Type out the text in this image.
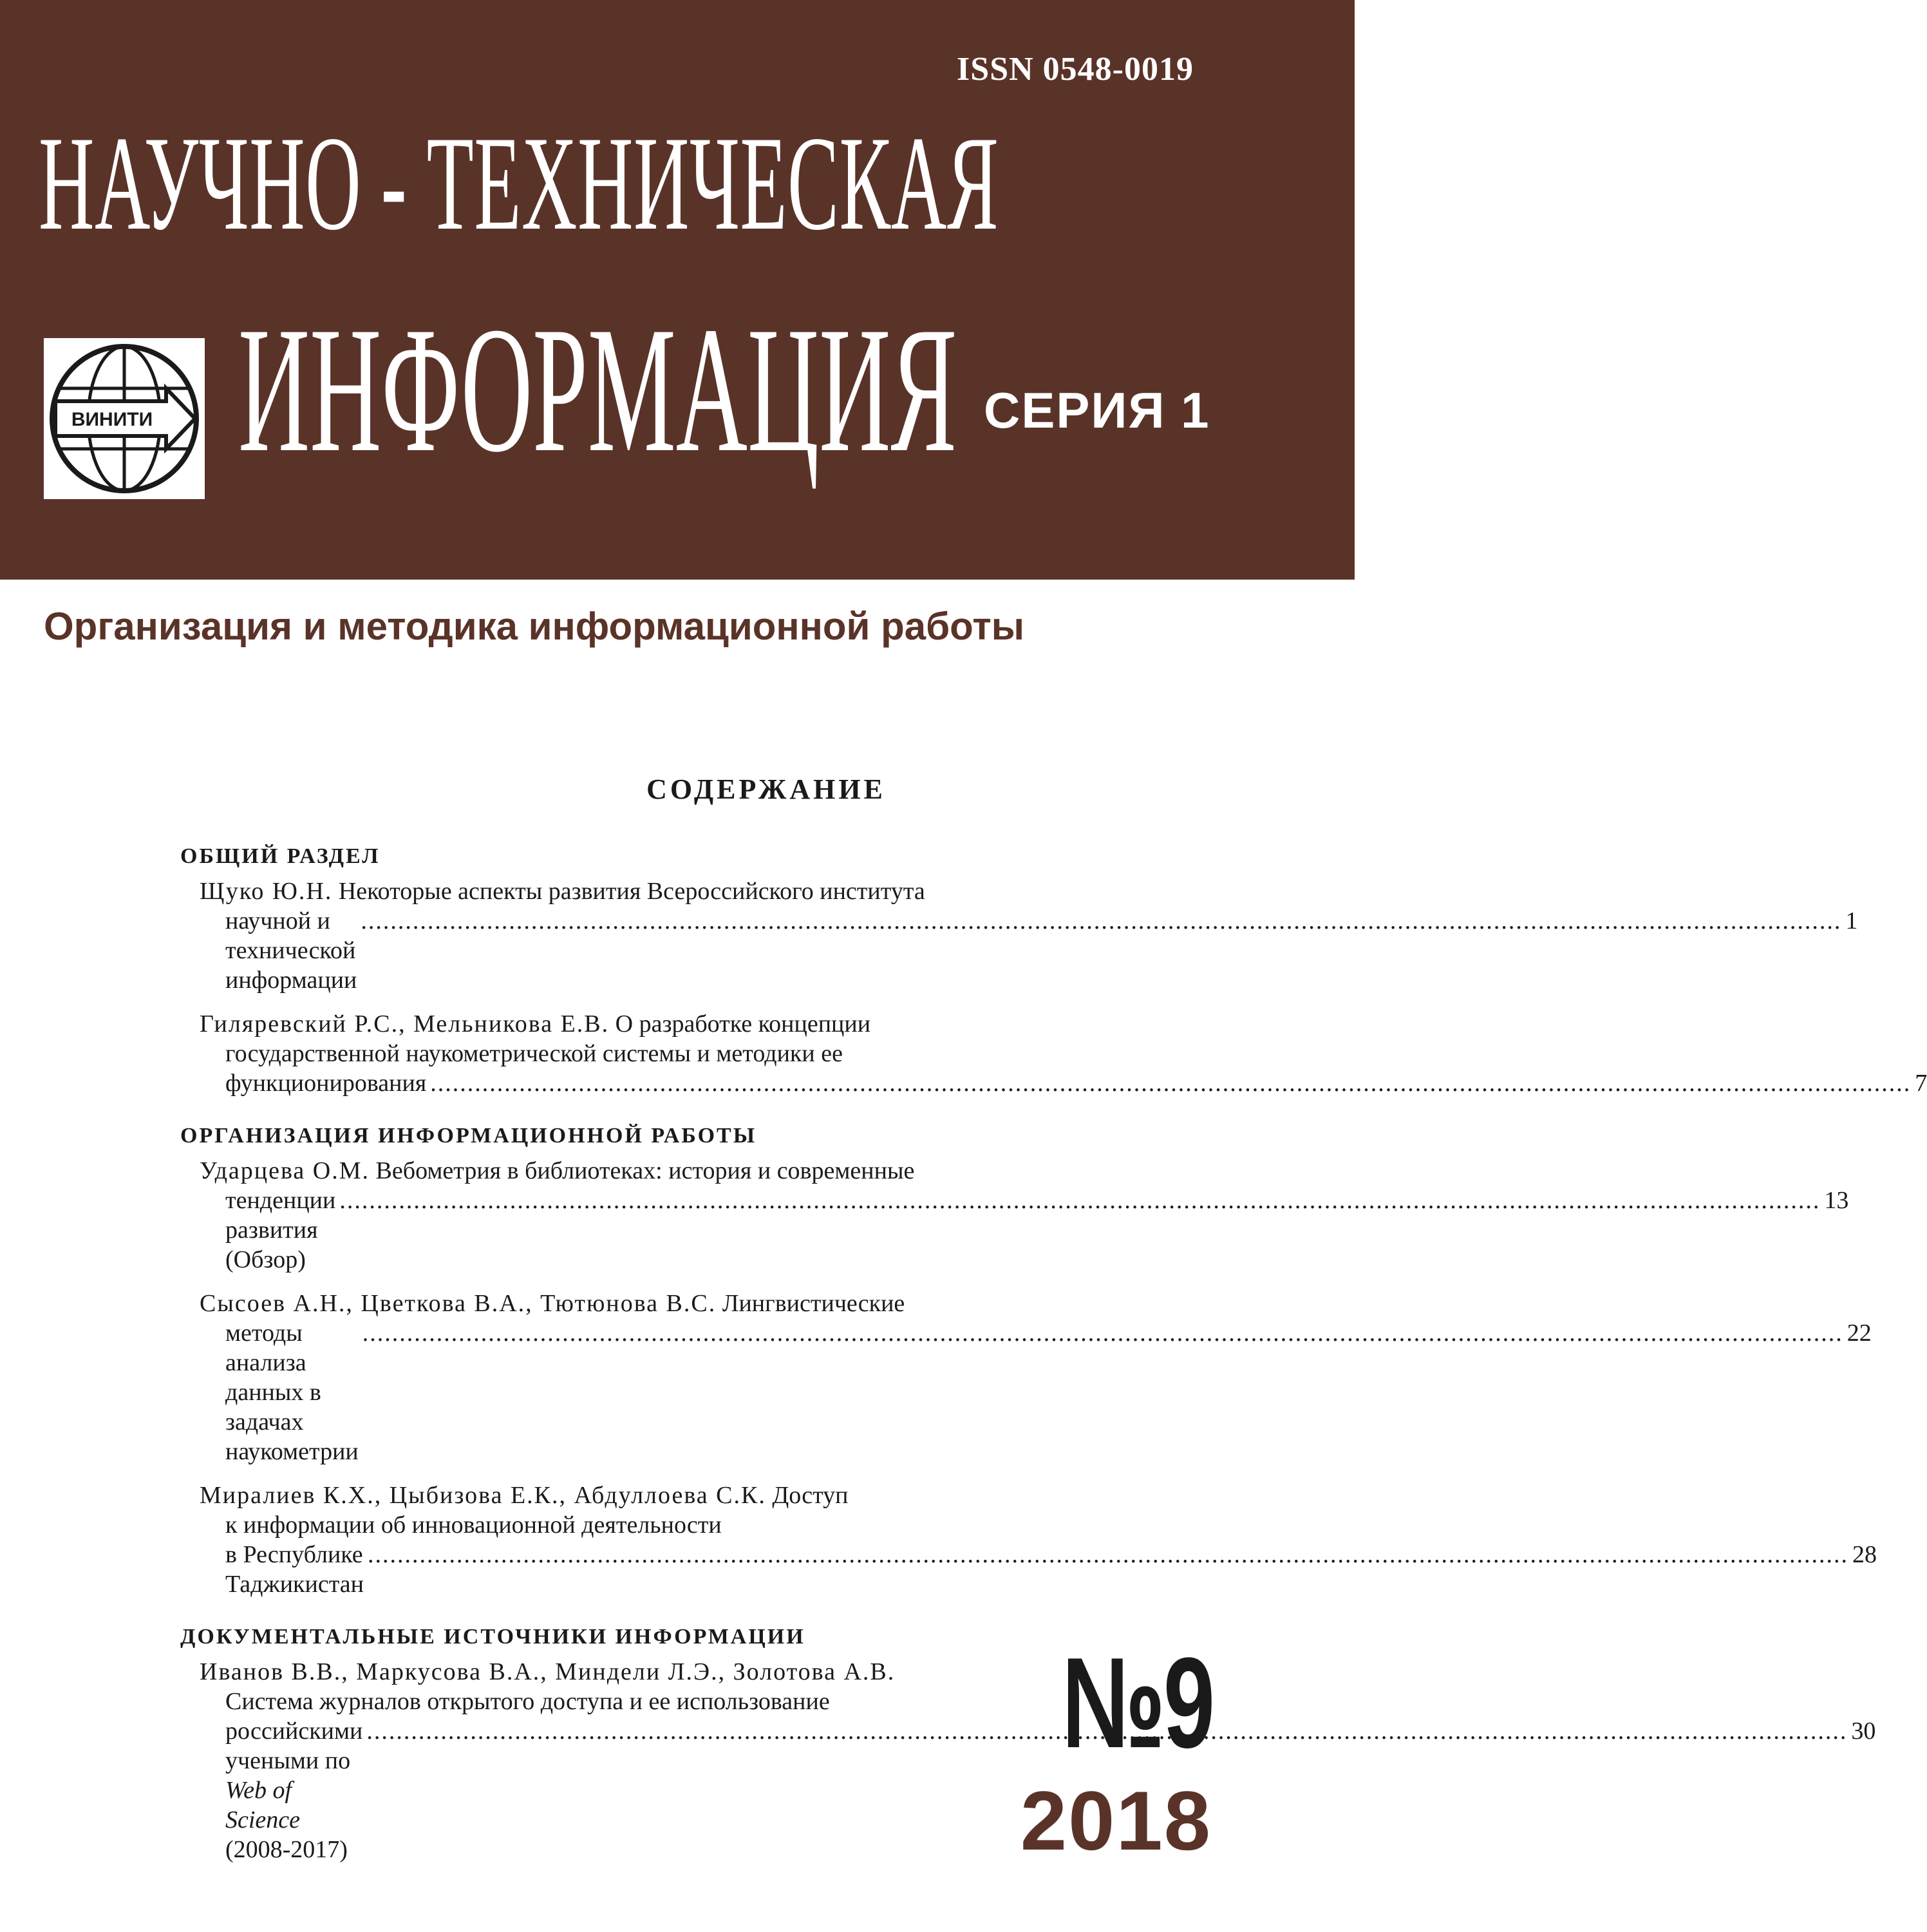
ISSN 0548-0019
НАУЧНО - ТЕХНИЧЕСКАЯ
ВИНИТИ ИНФОРМАЦИЯ СЕРИЯ 1
Организация и методика информационной работы
СОДЕРЖАНИЕ
ОБЩИЙ РАЗДЕЛ
Щуко Ю.Н. Некоторые аспекты развития Всероссийского института
научной и технической информации
........................................................................................................................................................................................................ 1
Гиляревский Р.С., Мельникова Е.В. О разработке концепции
государственной наукометрической системы и методики ее
функционирования ........................................................................................................................................................................................................ 7
ОРГАНИЗАЦИЯ ИНФОРМАЦИОННОЙ РАБОТЫ
Ударцева О.М. Вебометрия в библиотеках: история и современные
тенденции развития (Обзор)
........................................................................................................................................................................................................ 13
Сысоев А.Н., Цветкова В.А., Тютюнова В.С. Лингвистические
методы анализа данных в задачах наукометрии
........................................................................................................................................................................................................ 22
Миралиев К.Х., Цыбизова Е.К., Абдуллоева С.К. Доступ
к информации об инновационной деятельности
в Республике Таджикистан
........................................................................................................................................................................................................ 28
ДОКУМЕНТАЛЬНЫЕ ИСТОЧНИКИ ИНФОРМАЦИИ
Иванов В.В., Маркусова В.А., Миндели Л.Э., Золотова А.В.
Система журналов открытого доступа и ее использование
российскими учеными по Web of Science (2008-2017)
........................................................................................................................................................................................................ 30
№9
2018
